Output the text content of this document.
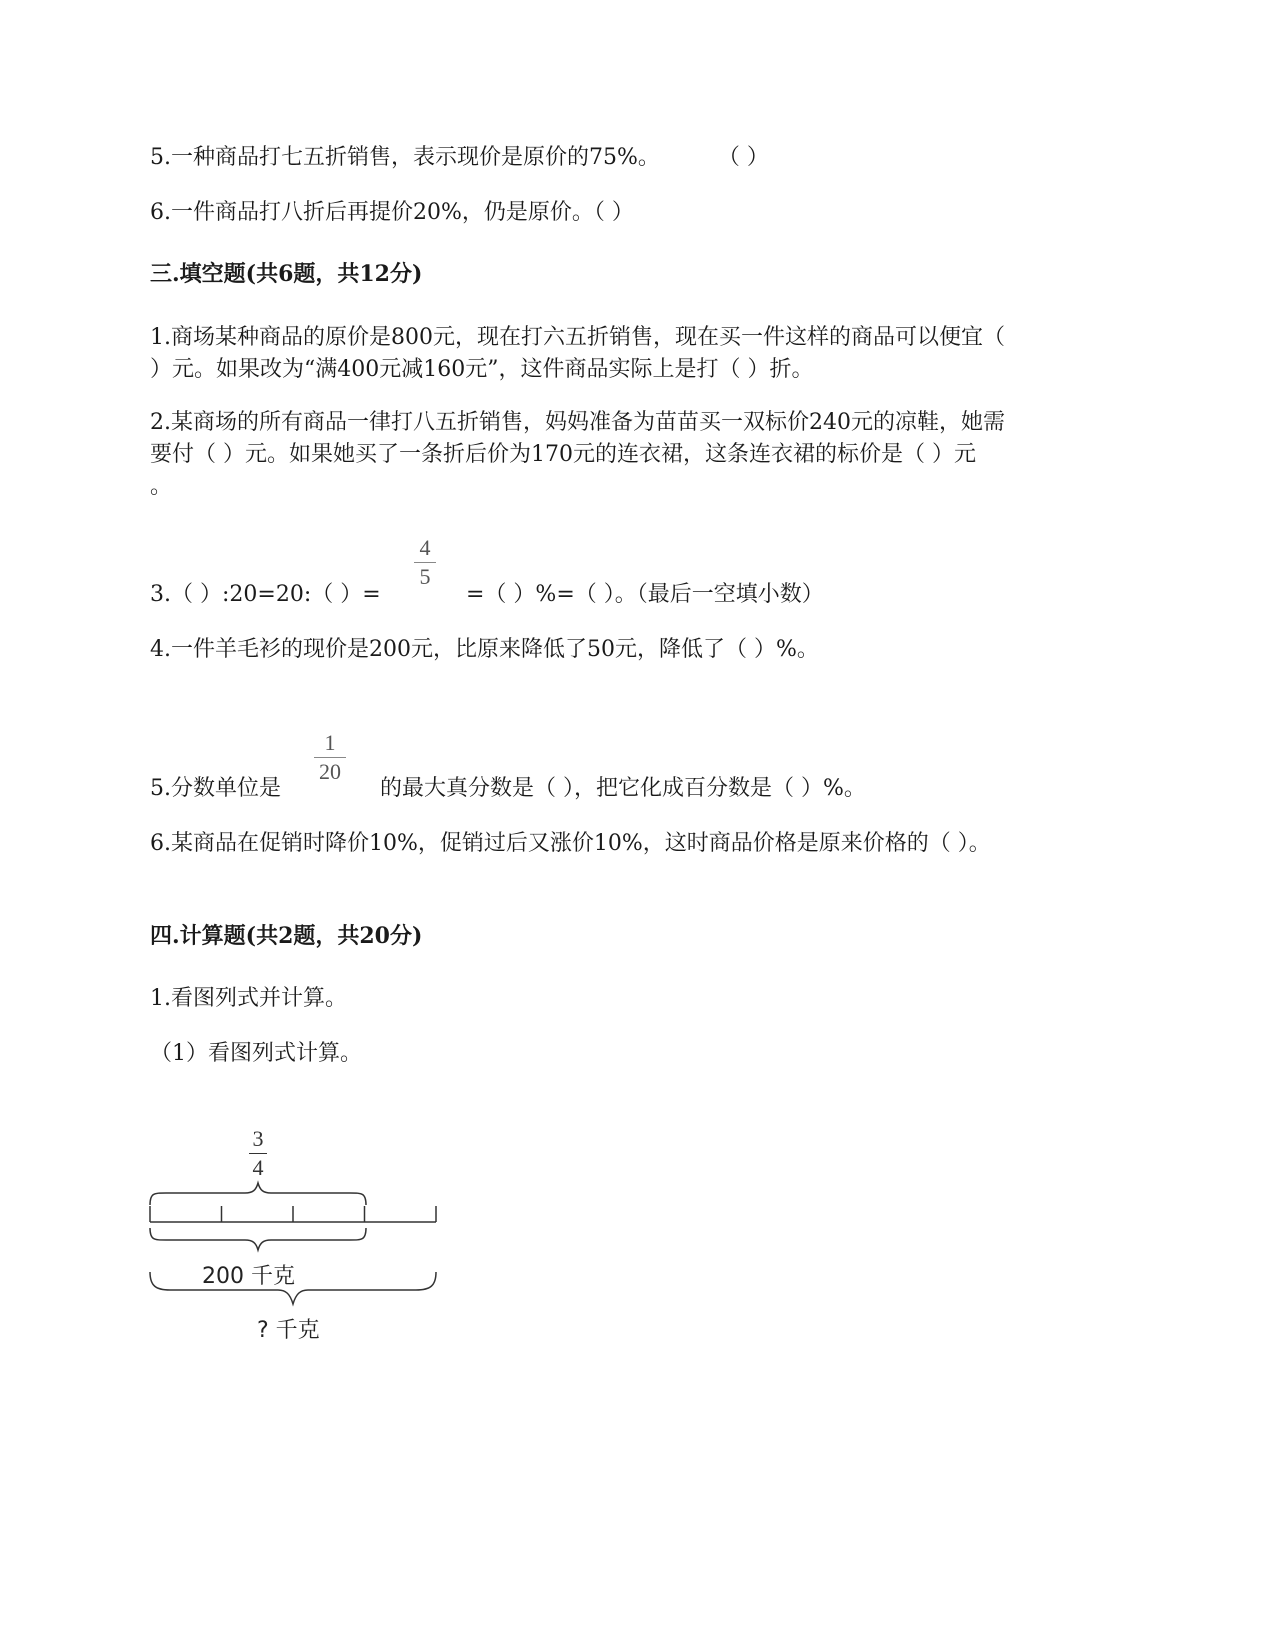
5.一种商品打七五折销售，表示现价是原价的75%。	（ ）
6.一件商品打八折后再提价20%，仍是原价。（ ）
三.填空题(共6题，共12分)
1.商场某种商品的原价是800元，现在打六五折销售，现在买一件这样的商品可以便宜（
）元。如果改为“满400元减160元”，这件商品实际上是打（ ）折。
2.某商场的所有商品一律打八五折销售，妈妈准备为苗苗买一双标价240元的凉鞋，她需
要付（ ）元。如果她买了一条折后价为170元的连衣裙，这条连衣裙的标价是（ ）元
。
3.（ ）:20=20:（ ）=
4
5
=（ ）%=（ ）。（最后一空填小数）
4.一件羊毛衫的现价是200元，比原来降低了50元，降低了（ ）%。
5.分数单位是
1
20
的最大真分数是（ ），把它化成百分数是（ ）%。
6.某商品在促销时降价10%，促销过后又涨价10%，这时商品价格是原来价格的（ ）。
四.计算题(共2题，共20分)
1.看图列式并计算。
（1）看图列式计算。
3
4
200 千克
? 千克
